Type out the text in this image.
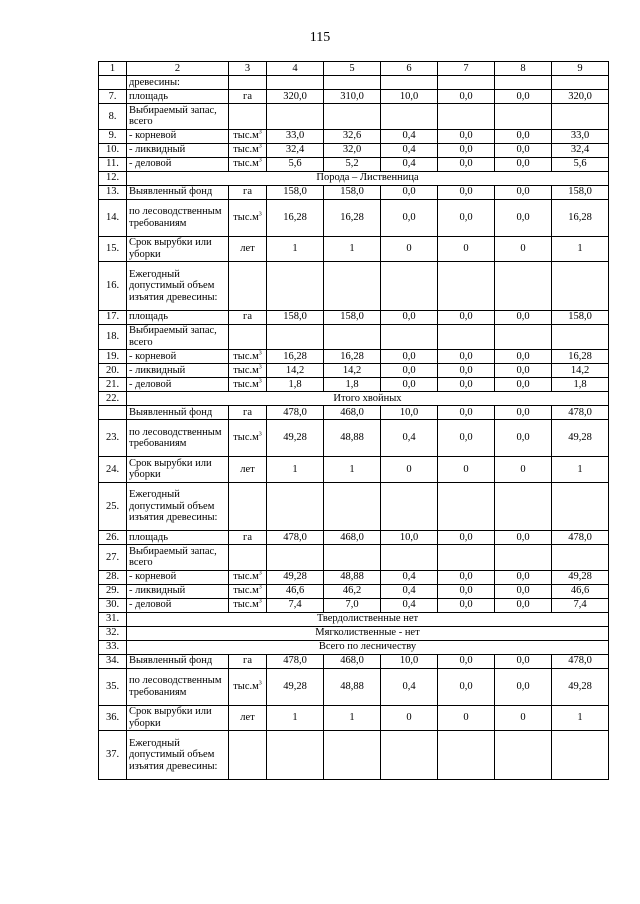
115
1	2	3	4	5	6	7	8	9
	древесины:							
7.	площадь	га	320,0	310,0	10,0	0,0	0,0	320,0
8.	Выбираемый запас, всего							
9.	- корневой	$тыс.м^3$	33,0	32,6	0,4	0,0	0,0	33,0
10.	- ликвидный	$тыс.м^3$	32,4	32,0	0,4	0,0	0,0	32,4
11.	- деловой	$тыс.м^3$	5,6	5,2	0,4	0,0	0,0	5,6
12.	Порода – Лиственница							
13.	Выявленный фонд	га	158,0	158,0	0,0	0,0	0,0	158,0
14.	по лесоводственным требованиям	$тыс.м^3$	16,28	16,28	0,0	0,0	0,0	16,28
15.	Срок вырубки или уборки	лет	1	1	0	0	0	1
16.	Ежегодный допустимый объем изъятия древесины:							

17.	площадь	га	158,0	158,0	0,0	0,0	0,0	158,0
18.	Выбираемый запас, всего							
19.	- корневой	$тыс.м^3$	16,28	16,28	0,0	0,0	0,0	16,28
20.	- ликвидный	$тыс.м^3$	14,2	14,2	0,0	0,0	0,0	14,2
21.	- деловой	$тыс.м^3$	1,8	1,8	0,0	0,0	0,0	1,8
22.	Итого хвойных							
	Выявленный фонд	га	478,0	468,0	10,0	0,0	0,0	478,0
23.	по лесоводственным требованиям	$тыс.м^3$	49,28	48,88	0,4	0,0	0,0	49,28
24.	Срок вырубки или уборки	лет	1	1	0	0	0	1
25.	Ежегодный допустимый объем изъятия древесины:							

26.	площадь	га	478,0	468,0	10,0	0,0	0,0	478,0
27.	Выбираемый запас, всего							
28.	- корневой	$тыс.м^3$	49,28	48,88	0,4	0,0	0,0	49,28
29.	- ликвидный	$тыс.м^3$	46,6	46,2	0,4	0,0	0,0	46,6
30.	- деловой	$тыс.м^3$	7,4	7,0	0,4	0,0	0,0	7,4
31.	Твердолиственные нет							
32.	Мягколиственные - нет							
33.	Всего по лесничеству							
34.	Выявленный фонд	га	478,0	468,0	10,0	0,0	0,0	478,0
35.	по лесоводственным требованиям	$тыс.м^3$	49,28	48,88	0,4	0,0	0,0	49,28
36.	Срок вырубки или уборки	лет	1	1	0	0	0	1
37.	Ежегодный допустимый объем изъятия древесины:							
